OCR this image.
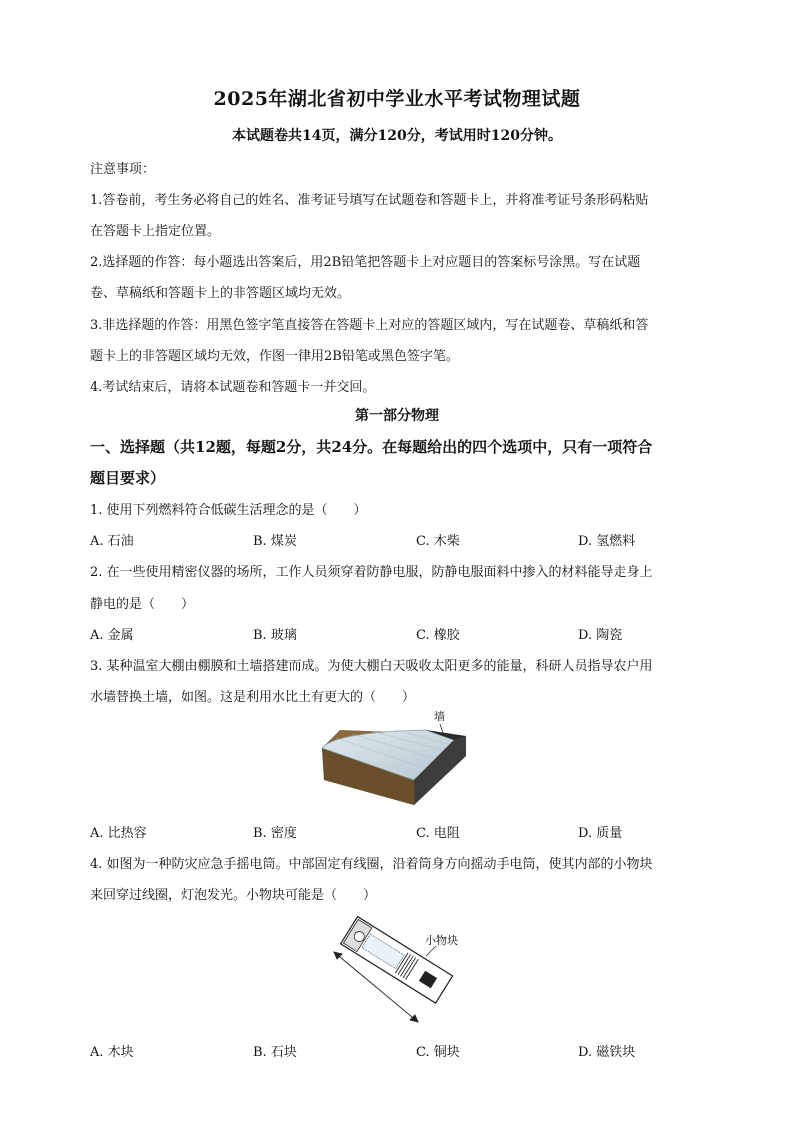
2025年湖北省初中学业水平考试物理试题
本试题卷共14页，满分120分，考试用时120分钟。
注意事项：
1.答卷前，考生务必将自己的姓名、准考证号填写在试题卷和答题卡上，并将准考证号条形码粘贴
在答题卡上指定位置。
2.选择题的作答：每小题选出答案后，用2B铅笔把答题卡上对应题目的答案标号涂黑。写在试题
卷、草稿纸和答题卡上的非答题区域均无效。
3.非选择题的作答：用黑色签字笔直接答在答题卡上对应的答题区域内，写在试题卷、草稿纸和答
题卡上的非答题区域均无效，作图一律用2B铅笔或黑色签字笔。
4.考试结束后，请将本试题卷和答题卡一并交回。
第一部分物理
一、选择题（共12题，每题2分，共24分。在每题给出的四个选项中，只有一项符合
题目要求）
1. 使用下列燃料符合低碳生活理念的是（　　）
A. 石油	B. 煤炭	C. 木柴	D. 氢燃料
2. 在一些使用精密仪器的场所，工作人员须穿着防静电服，防静电服面料中掺入的材料能导走身上
静电的是（　　）
A. 金属	B. 玻璃	C. 橡胶	D. 陶瓷
3. 某种温室大棚由棚膜和土墙搭建而成。为使大棚白天吸收太阳更多的能量，科研人员指导农户用
水墙替换土墙，如图。这是利用水比土有更大的（　　）
墙
A. 比热容	B. 密度	C. 电阻	D. 质量
4. 如图为一种防灾应急手摇电筒。中部固定有线圈，沿着筒身方向摇动手电筒，使其内部的小物块
来回穿过线圈，灯泡发光。小物块可能是（　　）
小物块
A. 木块	B. 石块	C. 铜块	D. 磁铁块
